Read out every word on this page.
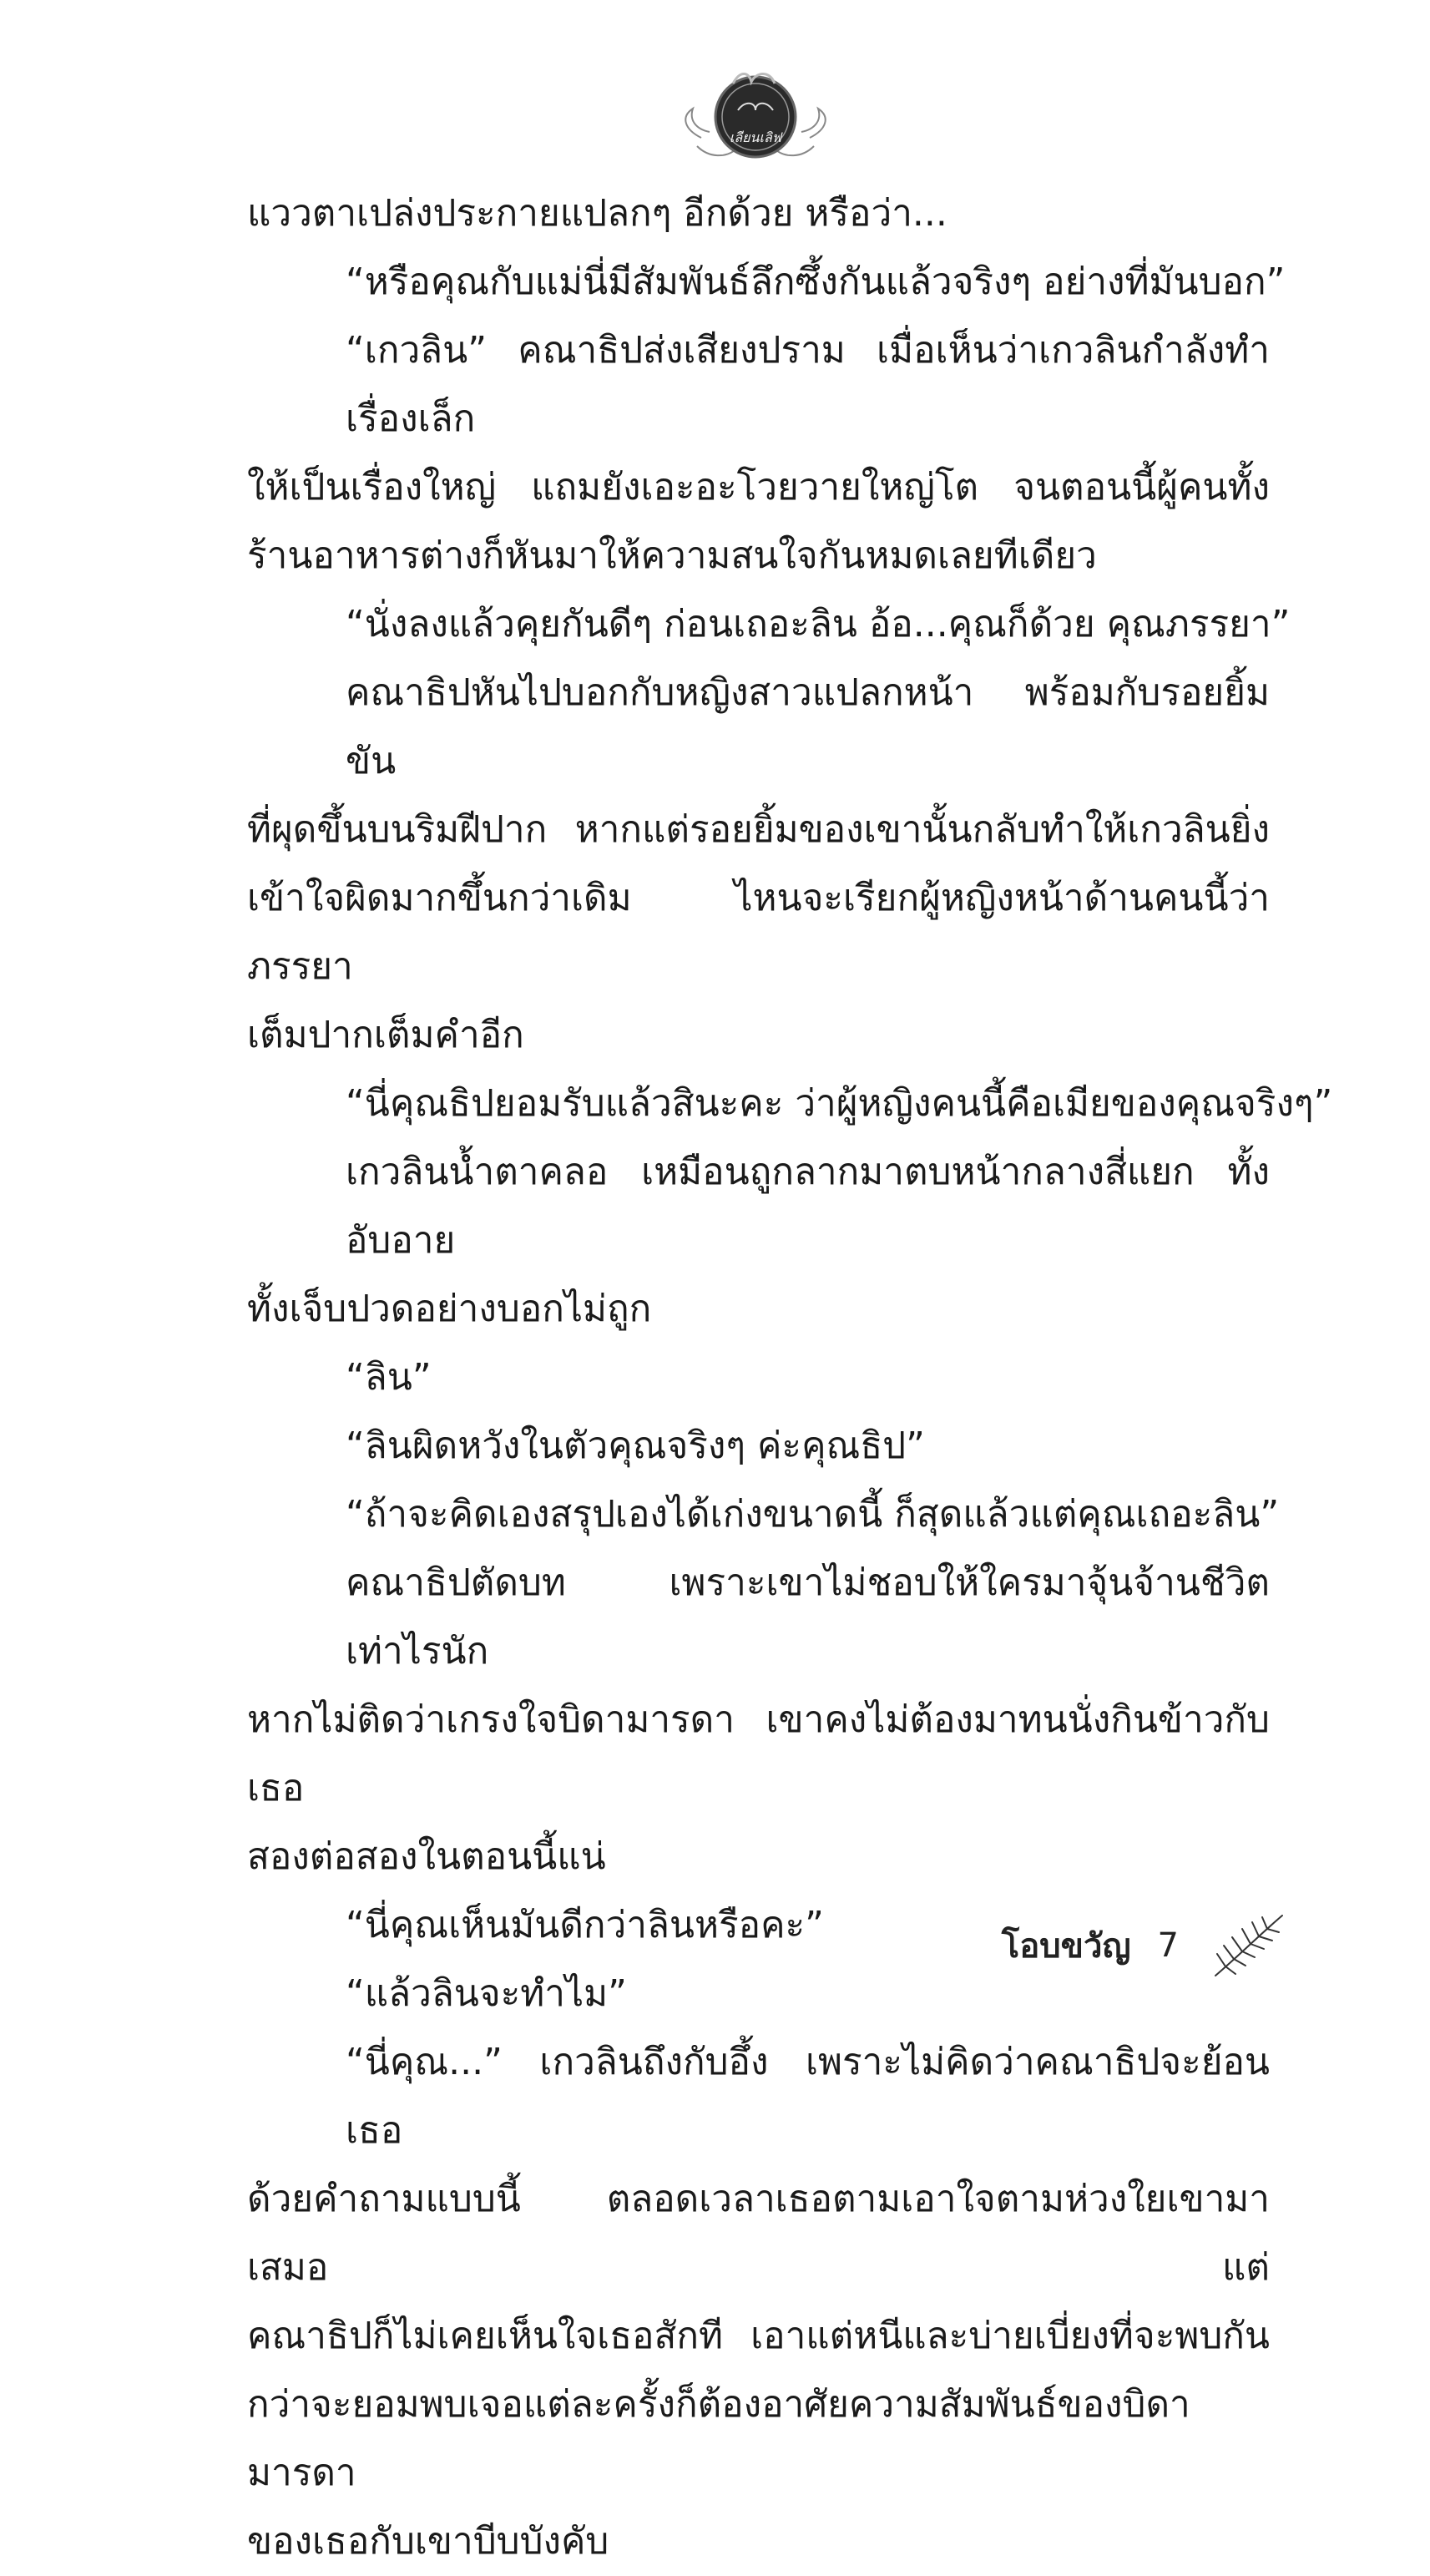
เลียนเลิฟ

แววตาเปล่งประกายแปลกๆ อีกด้วย หรือว่า...

“หรือคุณกับแม่นี่มีสัมพันธ์ลึกซึ้งกันแล้วจริงๆ อย่างที่มันบอก”

“เกวลิน” คณาธิปส่งเสียงปราม เมื่อเห็นว่าเกวลินกำลังทำเรื่องเล็ก
ให้เป็นเรื่องใหญ่ แถมยังเอะอะโวยวายใหญ่โต จนตอนนี้ผู้คนทั้ง
ร้านอาหารต่างก็หันมาให้ความสนใจกันหมดเลยทีเดียว

“นั่งลงแล้วคุยกันดีๆ ก่อนเถอะลิน อ้อ...คุณก็ด้วย คุณภรรยา”

คณาธิปหันไปบอกกับหญิงสาวแปลกหน้า พร้อมกับรอยยิ้มขัน
ที่ผุดขึ้นบนริมฝีปาก หากแต่รอยยิ้มของเขานั้นกลับทำให้เกวลินยิ่ง
เข้าใจผิดมากขึ้นกว่าเดิม ไหนจะเรียกผู้หญิงหน้าด้านคนนี้ว่าภรรยา
เต็มปากเต็มคำอีก

“นี่คุณธิปยอมรับแล้วสินะคะ ว่าผู้หญิงคนนี้คือเมียของคุณจริงๆ”

เกวลินน้ำตาคลอ เหมือนถูกลากมาตบหน้ากลางสี่แยก ทั้งอับอาย
ทั้งเจ็บปวดอย่างบอกไม่ถูก

“ลิน”

“ลินผิดหวังในตัวคุณจริงๆ ค่ะคุณธิป”

“ถ้าจะคิดเองสรุปเองได้เก่งขนาดนี้ ก็สุดแล้วแต่คุณเถอะลิน”

คณาธิปตัดบท เพราะเขาไม่ชอบให้ใครมาจุ้นจ้านชีวิตเท่าไรนัก
หากไม่ติดว่าเกรงใจบิดามารดา เขาคงไม่ต้องมาทนนั่งกินข้าวกับเธอ
สองต่อสองในตอนนี้แน่

“นี่คุณเห็นมันดีกว่าลินหรือคะ”

“แล้วลินจะทำไม”

“นี่คุณ...” เกวลินถึงกับอึ้ง เพราะไม่คิดว่าคณาธิปจะย้อนเธอ
ด้วยคำถามแบบนี้ ตลอดเวลาเธอตามเอาใจตามห่วงใยเขามาเสมอ แต่
คณาธิปก็ไม่เคยเห็นใจเธอสักที เอาแต่หนีและบ่ายเบี่ยงที่จะพบกัน
กว่าจะยอมพบเจอแต่ละครั้งก็ต้องอาศัยความสัมพันธ์ของบิดามารดา
ของเธอกับเขาบีบบังคับ

โอบขวัญ 7
